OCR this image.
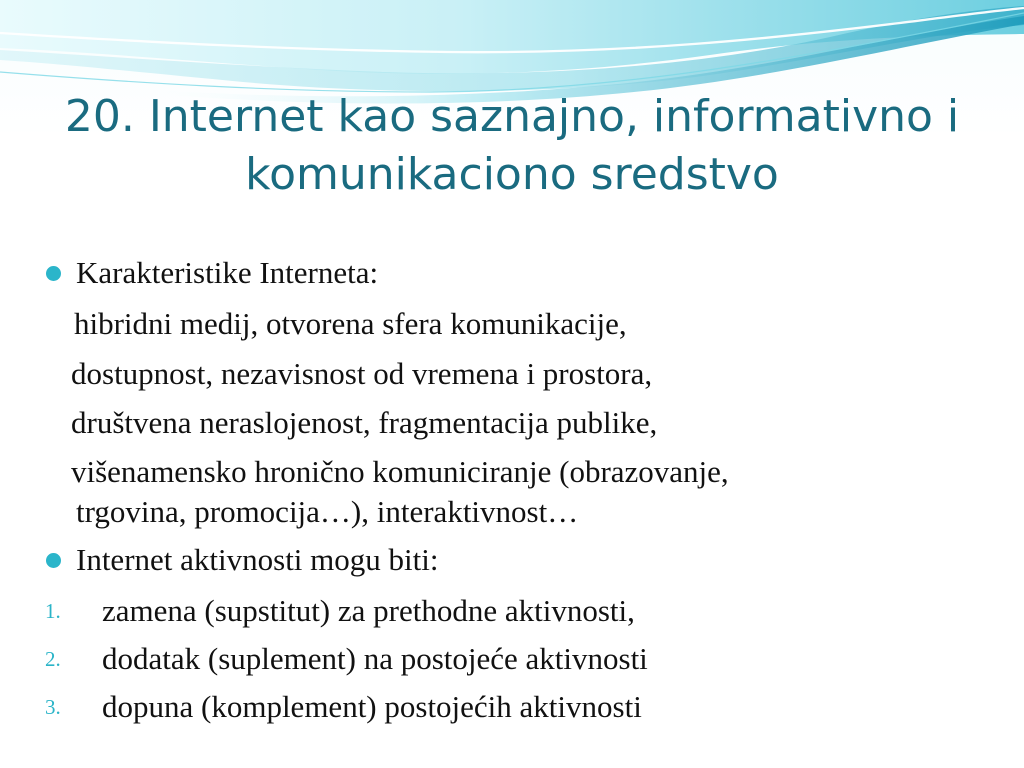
20. Internet kao saznajno, informativno i
komunikaciono sredstvo
Karakteristike Interneta:
hibridni medij, otvorena sfera komunikacije,
dostupnost, nezavisnost od vremena i prostora,
društvena neraslojenost, fragmentacija publike,
višenamensko hronično komuniciranje (obrazovanje,
trgovina, promocija…), interaktivnost…
Internet aktivnosti mogu biti:
1.	zamena (supstitut) za prethodne aktivnosti,
2.	dodatak (suplement) na postojeće aktivnosti
3.	dopuna (komplement) postojećih aktivnosti
